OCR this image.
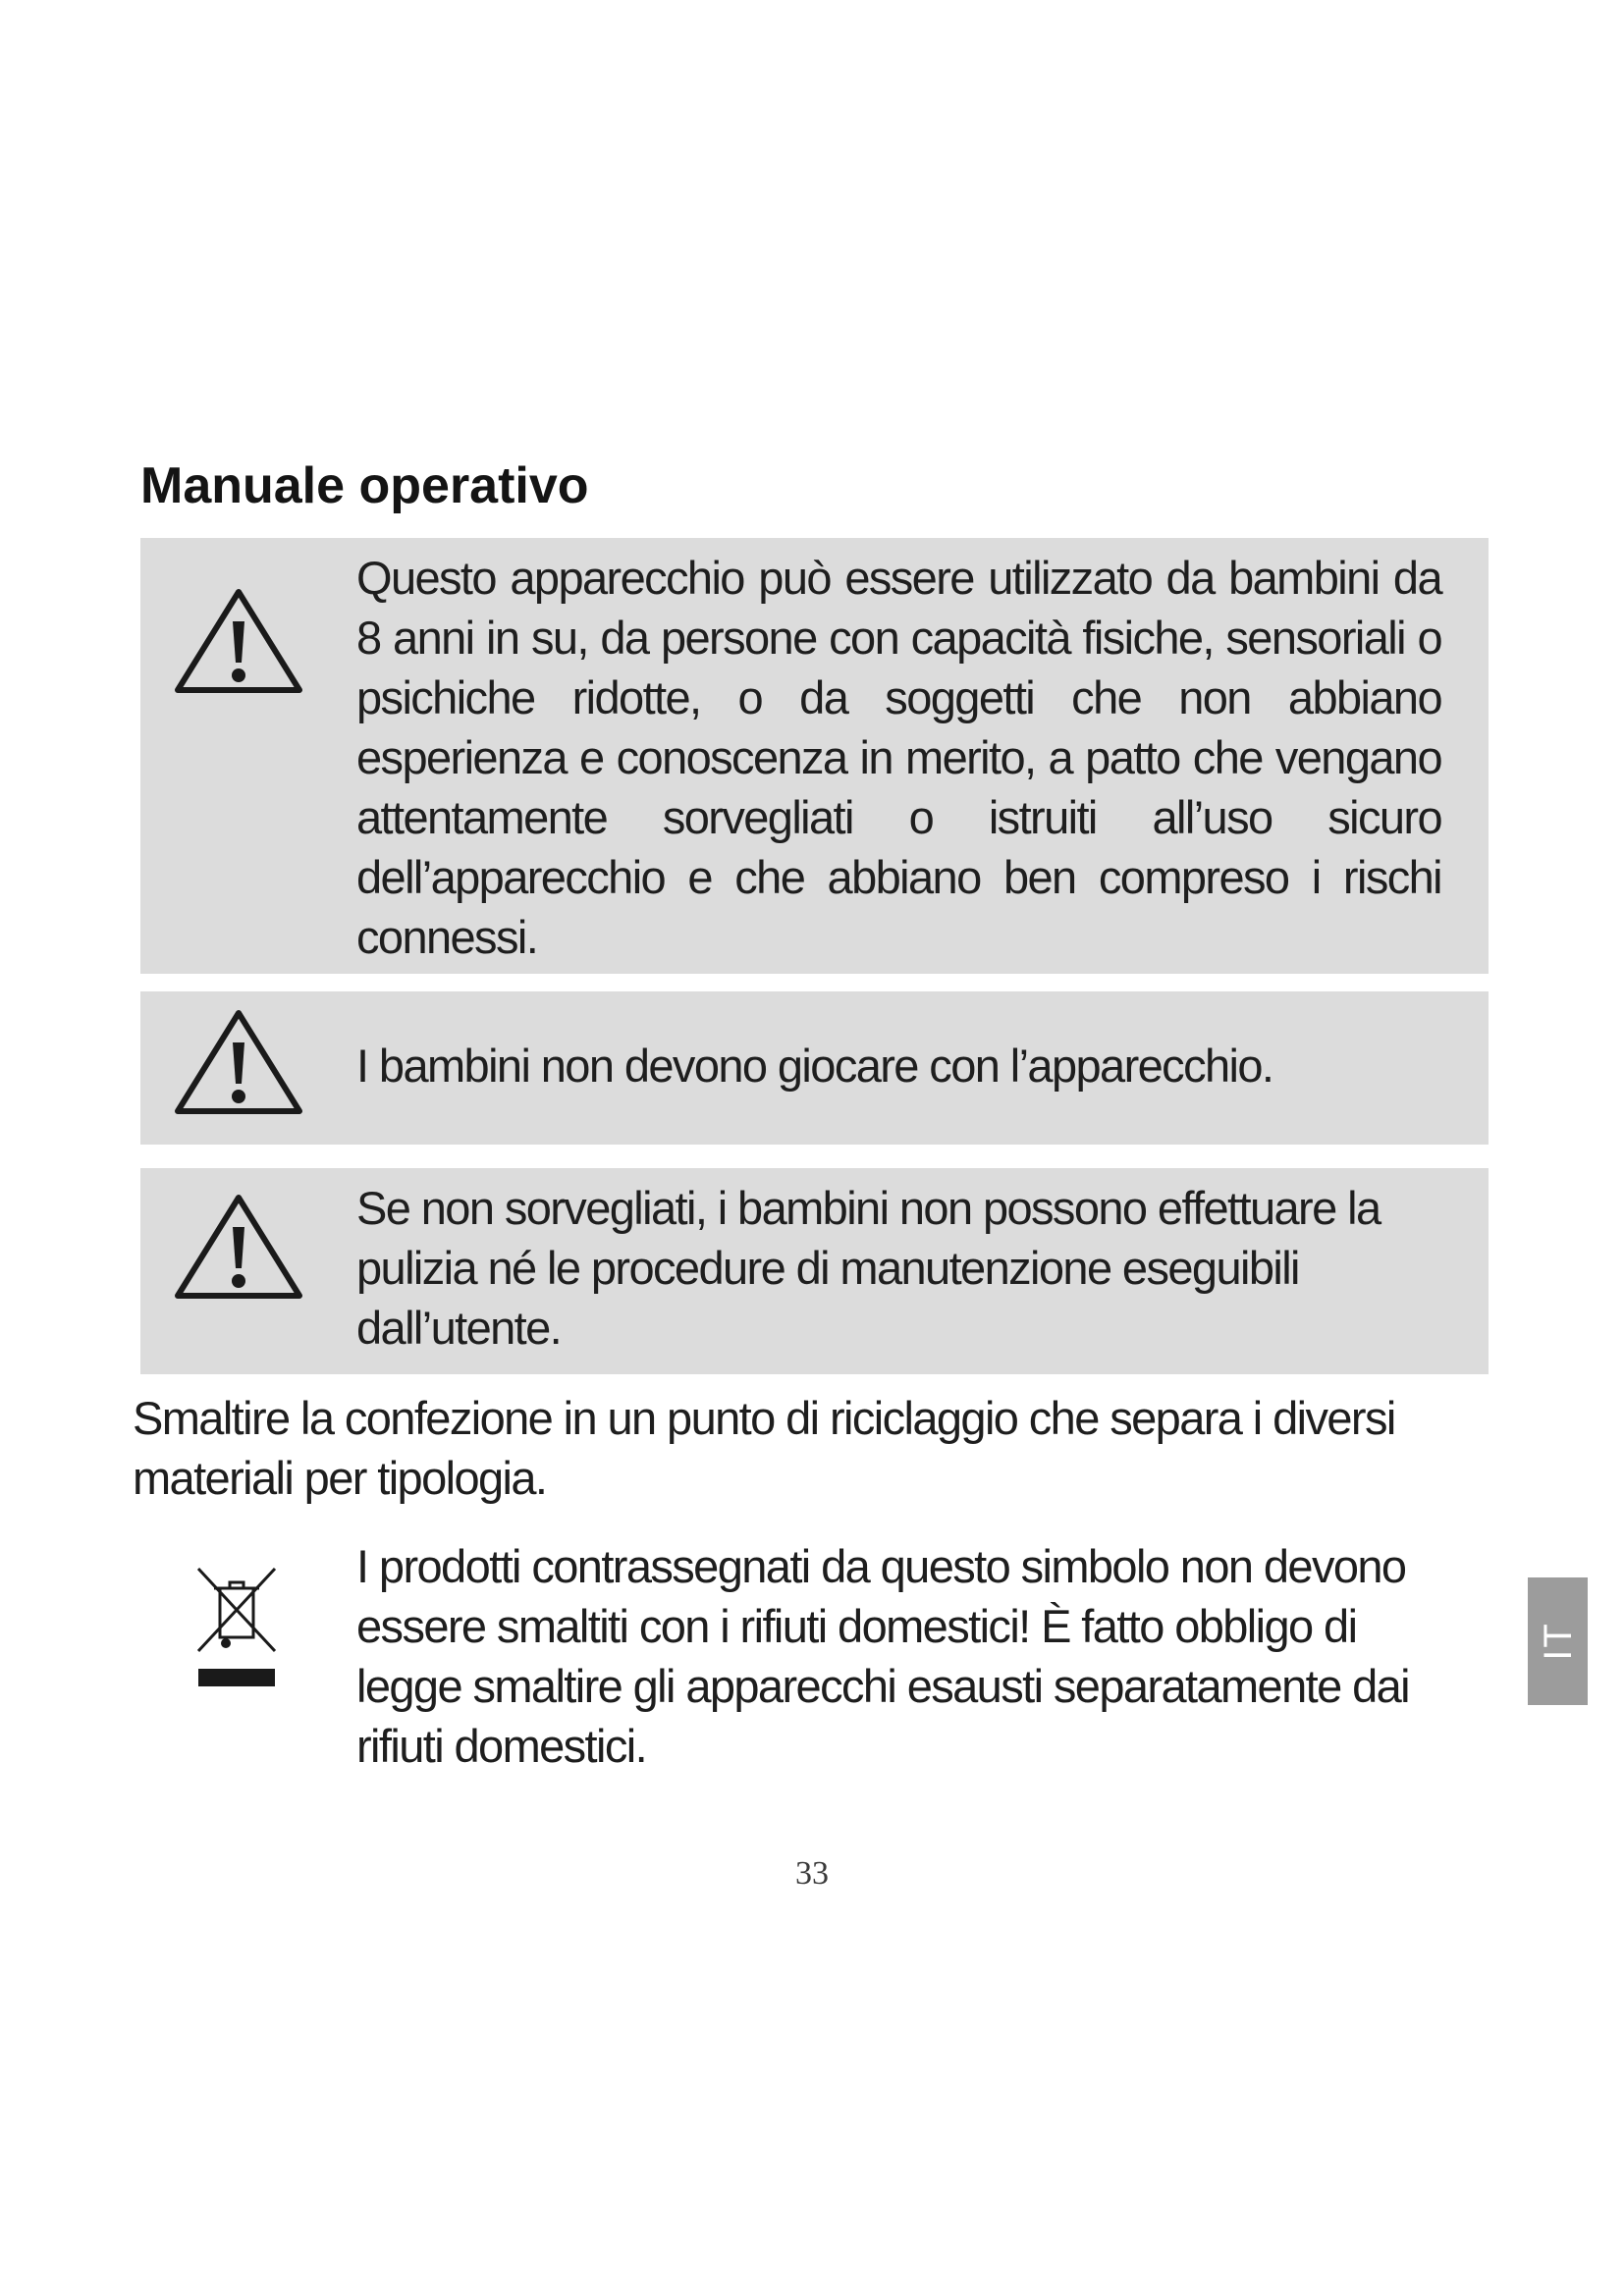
Manuale operativo

Questo apparecchio può essere utilizzato da bambini da 8 anni in su, da persone con capacità fisiche, sensoriali o psichiche ridotte, o da soggetti che non abbiano esperienza e conoscenza in merito, a patto che vengano attentamente sorvegliati o istruiti all’uso sicuro dell’apparecchio e che abbiano ben compreso i rischi connessi.

I bambini non devono giocare con l’apparecchio.

Se non sorvegliati, i bambini non possono effettuare la pulizia né le procedure di manutenzione eseguibili dall’utente.

Smaltire la confezione in un punto di riciclaggio che separa i diversi materiali per tipologia.

I prodotti contrassegnati da questo simbolo non devono essere smaltiti con i rifiuti domestici! È fatto obbligo di legge smaltire gli apparecchi esausti separatamente dai rifiuti domestici.

IT

33
